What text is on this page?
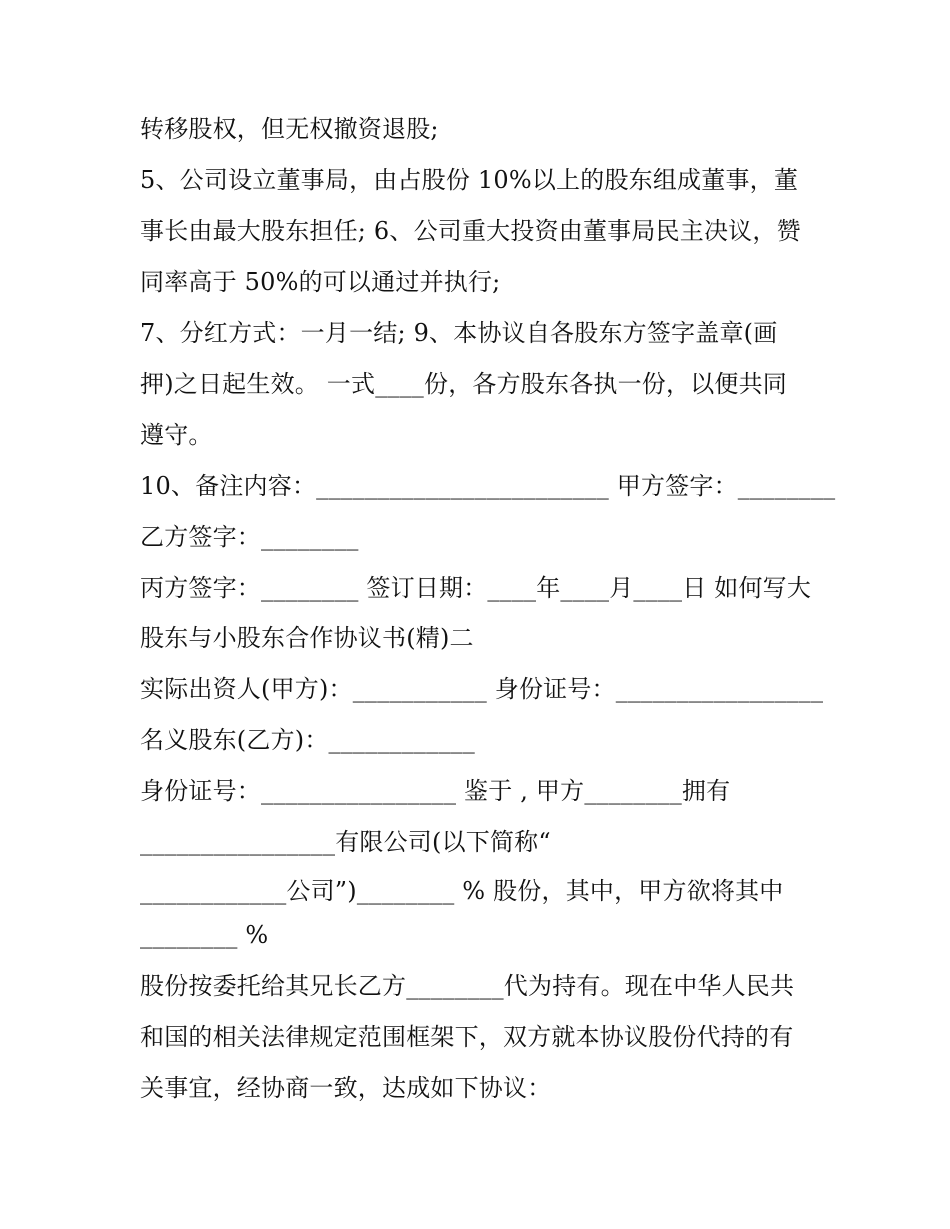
转移股权，但无权撤资退股;
5、公司设立董事局，由占股份 10%以上的股东组成董事，董
事长由最大股东担任; 6、公司重大投资由董事局民主决议，赞
同率高于 50%的可以通过并执行;
7、分红方式：一月一结; 9、本协议自各股东方签字盖章(画
押)之日起生效。 一式____份，各方股东各执一份，以便共同
遵守。
10、备注内容：________________________ 甲方签字：________
乙方签字：________
丙方签字：________ 签订日期：____年____月____日 如何写大
股东与小股东合作协议书(精)二
实际出资人(甲方)：___________ 身份证号：_________________
名义股东(乙方)：____________
身份证号：________________ 鉴于 , 甲方________拥有
________________有限公司(以下简称“
____________公司”)________ % 股份，其中，甲方欲将其中
________ %
股份按委托给其兄长乙方________代为持有。现在中华人民共
和国的相关法律规定范围框架下，双方就本协议股份代持的有
关事宜，经协商一致，达成如下协议：
